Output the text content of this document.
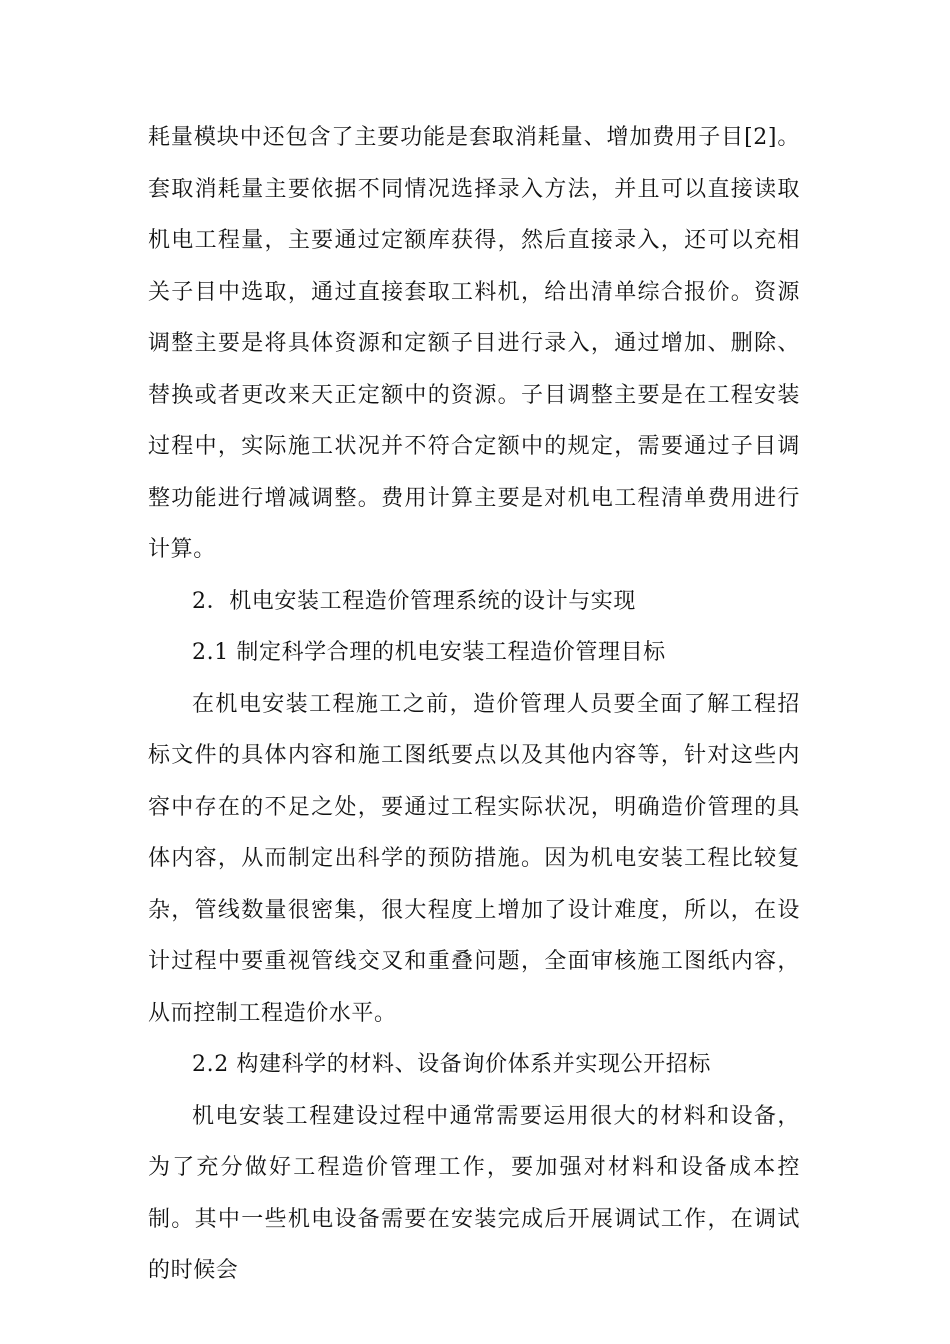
耗量模块中还包含了主要功能是套取消耗量、增加费用子目[2]。套取消耗量主要依据不同情况选择录入方法，并且可以直接读取机电工程量，主要通过定额库获得，然后直接录入，还可以充相关子目中选取，通过直接套取工料机，给出清单综合报价。资源调整主要是将具体资源和定额子目进行录入，通过增加、删除、替换或者更改来天正定额中的资源。子目调整主要是在工程安装过程中，实际施工状况并不符合定额中的规定，需要通过子目调整功能进行增减调整。费用计算主要是对机电工程清单费用进行计算。

2．机电安装工程造价管理系统的设计与实现

2.1 制定科学合理的机电安装工程造价管理目标

在机电安装工程施工之前，造价管理人员要全面了解工程招标文件的具体内容和施工图纸要点以及其他内容等，针对这些内容中存在的不足之处，要通过工程实际状况，明确造价管理的具体内容，从而制定出科学的预防措施。因为机电安装工程比较复杂，管线数量很密集，很大程度上增加了设计难度，所以，在设计过程中要重视管线交叉和重叠问题，全面审核施工图纸内容，从而控制工程造价水平。

2.2 构建科学的材料、设备询价体系并实现公开招标

机电安装工程建设过程中通常需要运用很大的材料和设备，为了充分做好工程造价管理工作，要加强对材料和设备成本控制。其中一些机电设备需要在安装完成后开展调试工作，在调试的时候会
